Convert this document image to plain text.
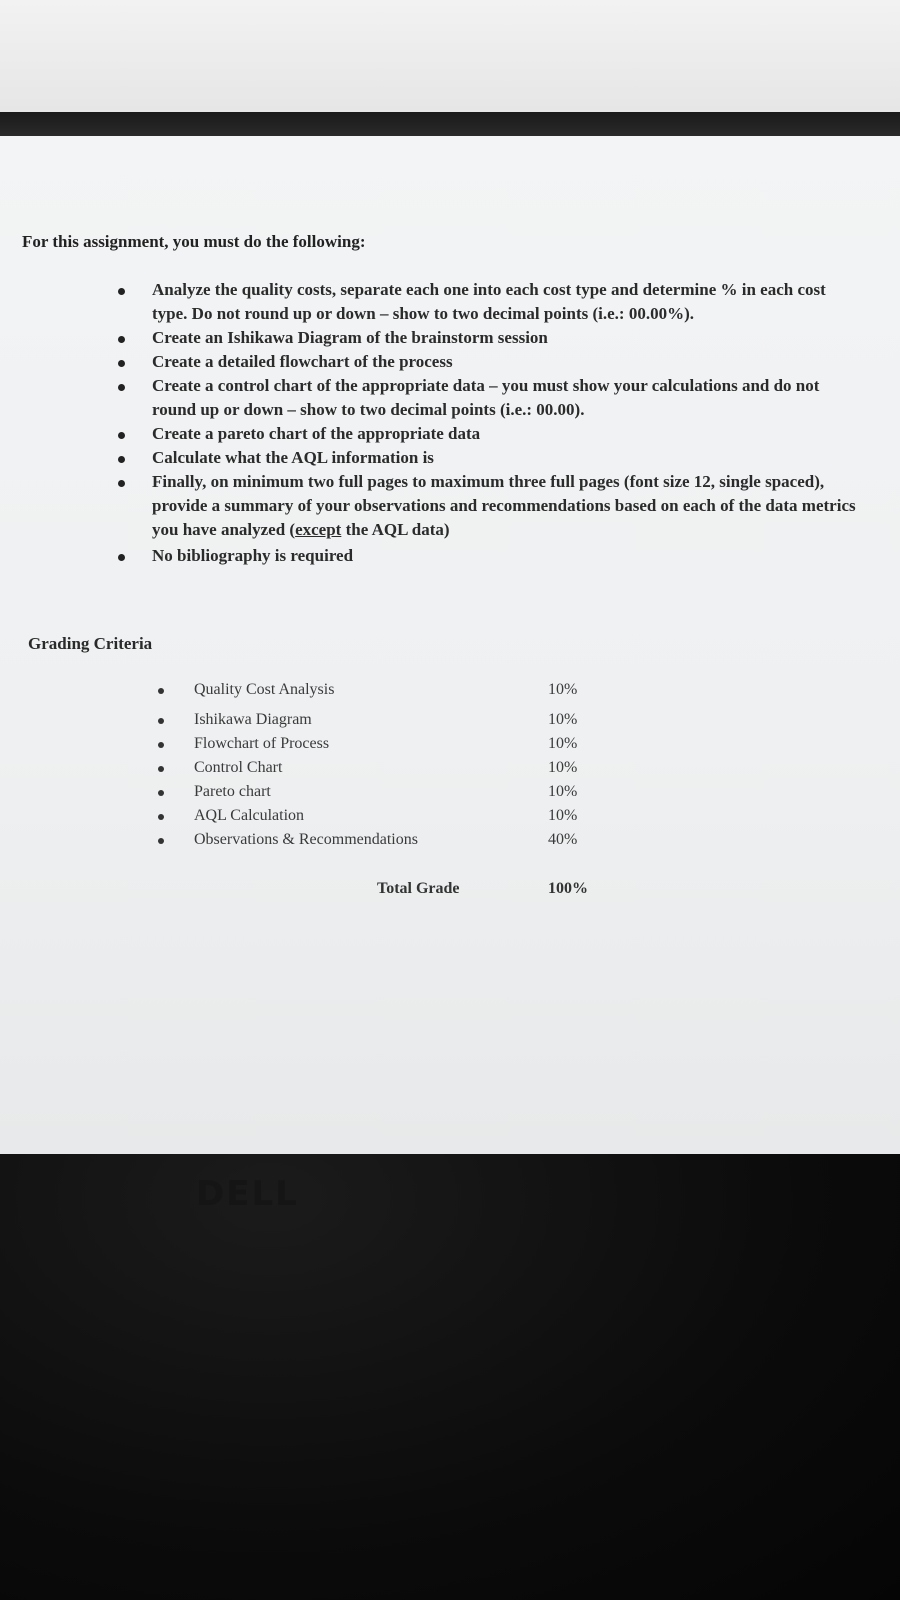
For this assignment, you must do the following:
Analyze the quality costs, separate each one into each cost type and determine % in each cost type. Do not round up or down – show to two decimal points (i.e.: 00.00%).
Create an Ishikawa Diagram of the brainstorm session
Create a detailed flowchart of the process
Create a control chart of the appropriate data – you must show your calculations and do not round up or down – show to two decimal points (i.e.: 00.00).
Create a pareto chart of the appropriate data
Calculate what the AQL information is
Finally, on minimum two full pages to maximum three full pages (font size 12, single spaced), provide a summary of your observations and recommendations based on each of the data metrics you have analyzed (except the AQL data)
No bibliography is required
Grading Criteria
Quality Cost Analysis	10%
Ishikawa Diagram	10%
Flowchart of Process	10%
Control Chart	10%
Pareto chart	10%
AQL Calculation	10%
Observations & Recommendations	40%
Total Grade	100%
DELL
